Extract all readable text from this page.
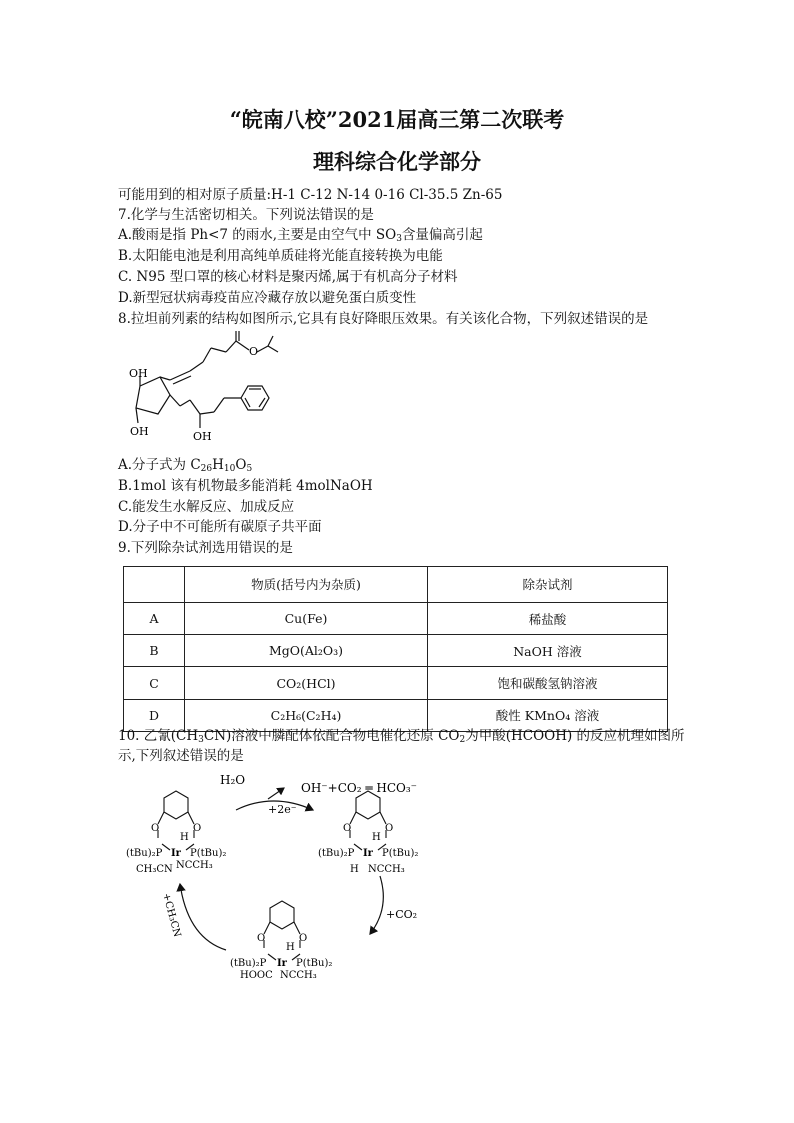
“皖南八校”2021届高三第二次联考
理科综合化学部分
可能用到的相对原子质量:H-1 C-12 N-14 0-16 Cl-35.5 Zn-65
7.化学与生活密切相关。下列说法错误的是
A.酸雨是指 Ph<7 的雨水,主要是由空气中 $SO_3$含量偏高引起
B.太阳能电池是利用高纯单质硅将光能直接转换为电能
C. N95 型口罩的核心材料是聚丙烯,属于有机高分子材料
D.新型冠状病毒疫苗应冷藏存放以避免蛋白质变性
8.拉坦前列素的结构如图所示,它具有良好降眼压效果。有关该化合物，下列叙述错误的是
OH
OH	OH
O
A.分子式为 $C_{26}H_{10}O_5$
B.1mol 该有机物最多能消耗 4molNaOH
C.能发生水解反应、加成反应
D.分子中不可能所有碳原子共平面
9.下列除杂试剂选用错误的是
	物质(括号内为杂质)	除杂试剂
A	Cu(Fe)	稀盐酸
B	MgO(Al₂O₃)	NaOH 溶液
C	CO₂(HCl)	饱和碳酸氢钠溶液
D	C₂H₆(C₂H₄)	酸性 KMnO₄ 溶液
10. 乙氰$(CH_3CN)$溶液中膦配体依配合物电催化还原 $CO_2$为甲酸(HCOOH) 的反应机理如图所
示,下列叙述错误的是
H₂O
OH⁻+CO₂ ═ HCO₃⁻
+2e⁻
+CO₂
+CH₃CN
O	O
H
(tBu)₂P Ir P(tBu)₂
CH₃CN NCCH₃
O	O
H
(tBu)₂P Ir P(tBu)₂
H NCCH₃
O	O
H
(tBu)₂P Ir P(tBu)₂
HOOC NCCH₃
